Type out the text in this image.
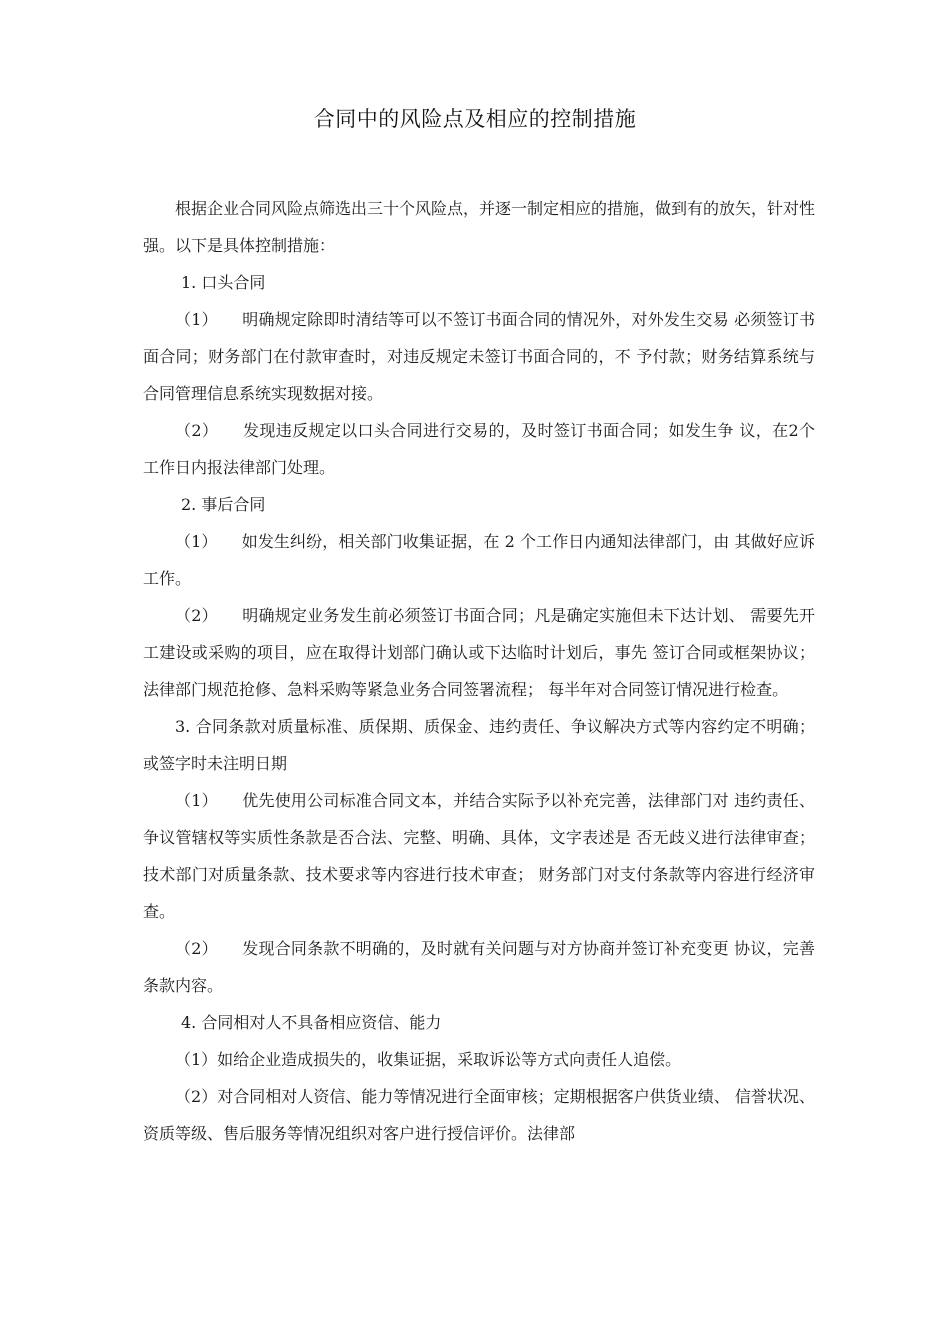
合同中的风险点及相应的控制措施

根据企业合同风险点筛选出三十个风险点，并逐一制定相应的措施，做到有的放矢，针对性强。以下是具体控制措施：

1. 口头合同

（1）　　明确规定除即时清结等可以不签订书面合同的情况外，对外发生交易 必须签订书面合同；财务部门在付款审查时，对违反规定未签订书面合同的，不 予付款；财务结算系统与合同管理信息系统实现数据对接。

（2）　　发现违反规定以口头合同进行交易的，及时签订书面合同；如发生争 议，在2个工作日内报法律部门处理。

2. 事后合同

（1）　　如发生纠纷，相关部门收集证据，在 2 个工作日内通知法律部门，由 其做好应诉工作。

（2）　　明确规定业务发生前必须签订书面合同；凡是确定实施但未下达计划、 需要先开工建设或采购的项目，应在取得计划部门确认或下达临时计划后，事先 签订合同或框架协议；法律部门规范抢修、急料采购等紧急业务合同签署流程； 每半年对合同签订情况进行检查。

3. 合同条款对质量标准、质保期、质保金、违约责任、争议解决方式等内容约定不明确；或签字时未注明日期

（1）　　优先使用公司标准合同文本，并结合实际予以补充完善，法律部门对 违约责任、争议管辖权等实质性条款是否合法、完整、明确、具体，文字表述是 否无歧义进行法律审查；技术部门对质量条款、技术要求等内容进行技术审查； 财务部门对支付条款等内容进行经济审查。

（2）　　发现合同条款不明确的，及时就有关问题与对方协商并签订补充变更 协议，完善条款内容。

4. 合同相对人不具备相应资信、能力

（1）如给企业造成损失的，收集证据，采取诉讼等方式向责任人追偿。

（2）对合同相对人资信、能力等情况进行全面审核；定期根据客户供货业绩、 信誉状况、资质等级、售后服务等情况组织对客户进行授信评价。法律部
